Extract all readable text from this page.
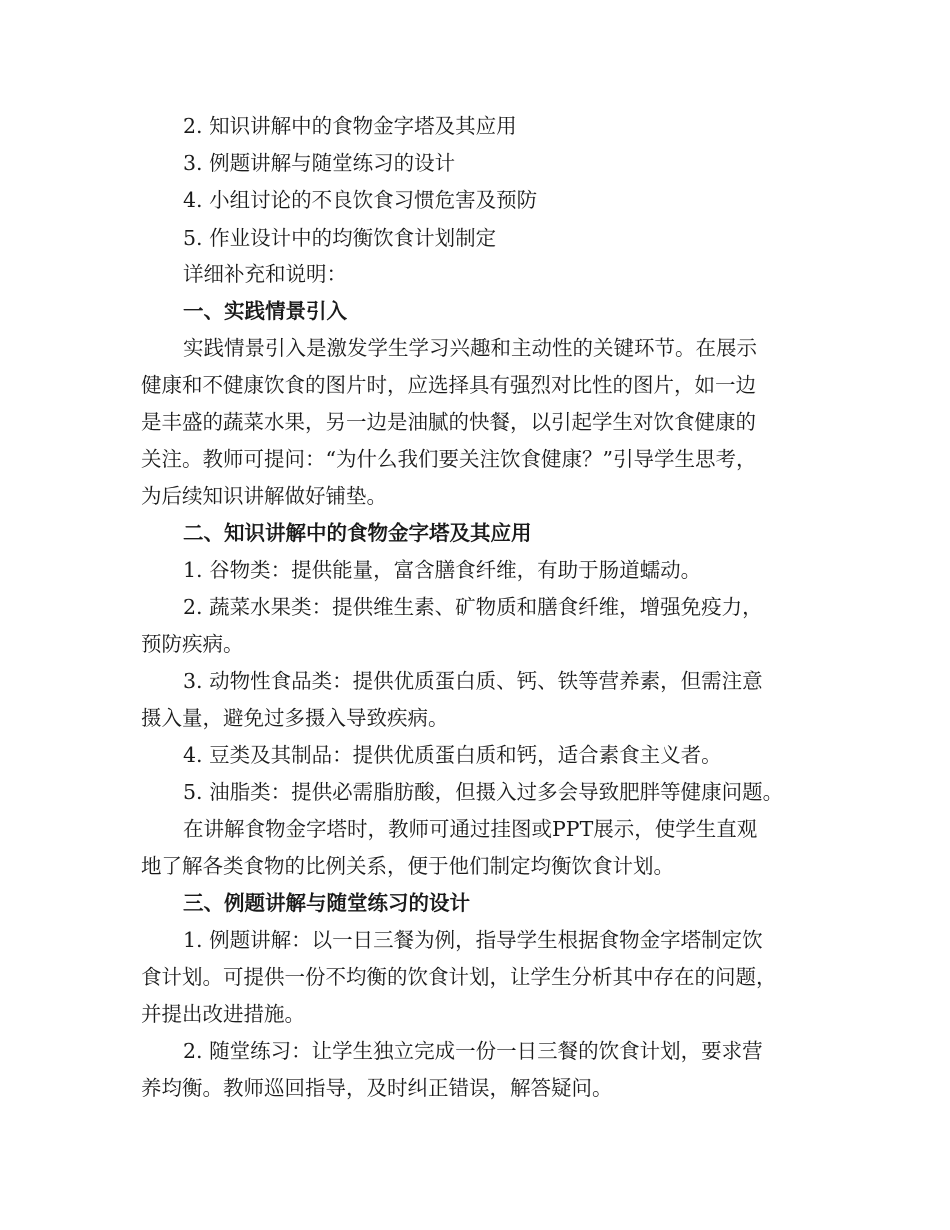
2. 知识讲解中的食物金字塔及其应用
3. 例题讲解与随堂练习的设计
4. 小组讨论的不良饮食习惯危害及预防
5. 作业设计中的均衡饮食计划制定
详细补充和说明：
一、实践情景引入
实践情景引入是激发学生学习兴趣和主动性的关键环节。在展示
健康和不健康饮食的图片时，应选择具有强烈对比性的图片，如一边
是丰盛的蔬菜水果，另一边是油腻的快餐，以引起学生对饮食健康的
关注。教师可提问：“为什么我们要关注饮食健康？”引导学生思考，
为后续知识讲解做好铺垫。
二、知识讲解中的食物金字塔及其应用
1. 谷物类：提供能量，富含膳食纤维，有助于肠道蠕动。
2. 蔬菜水果类：提供维生素、矿物质和膳食纤维，增强免疫力，
预防疾病。
3. 动物性食品类：提供优质蛋白质、钙、铁等营养素，但需注意
摄入量，避免过多摄入导致疾病。
4. 豆类及其制品：提供优质蛋白质和钙，适合素食主义者。
5. 油脂类：提供必需脂肪酸，但摄入过多会导致肥胖等健康问题。
在讲解食物金字塔时，教师可通过挂图或PPT展示，使学生直观
地了解各类食物的比例关系，便于他们制定均衡饮食计划。
三、例题讲解与随堂练习的设计
1. 例题讲解：以一日三餐为例，指导学生根据食物金字塔制定饮
食计划。可提供一份不均衡的饮食计划，让学生分析其中存在的问题，
并提出改进措施。
2. 随堂练习：让学生独立完成一份一日三餐的饮食计划，要求营
养均衡。教师巡回指导，及时纠正错误，解答疑问。
